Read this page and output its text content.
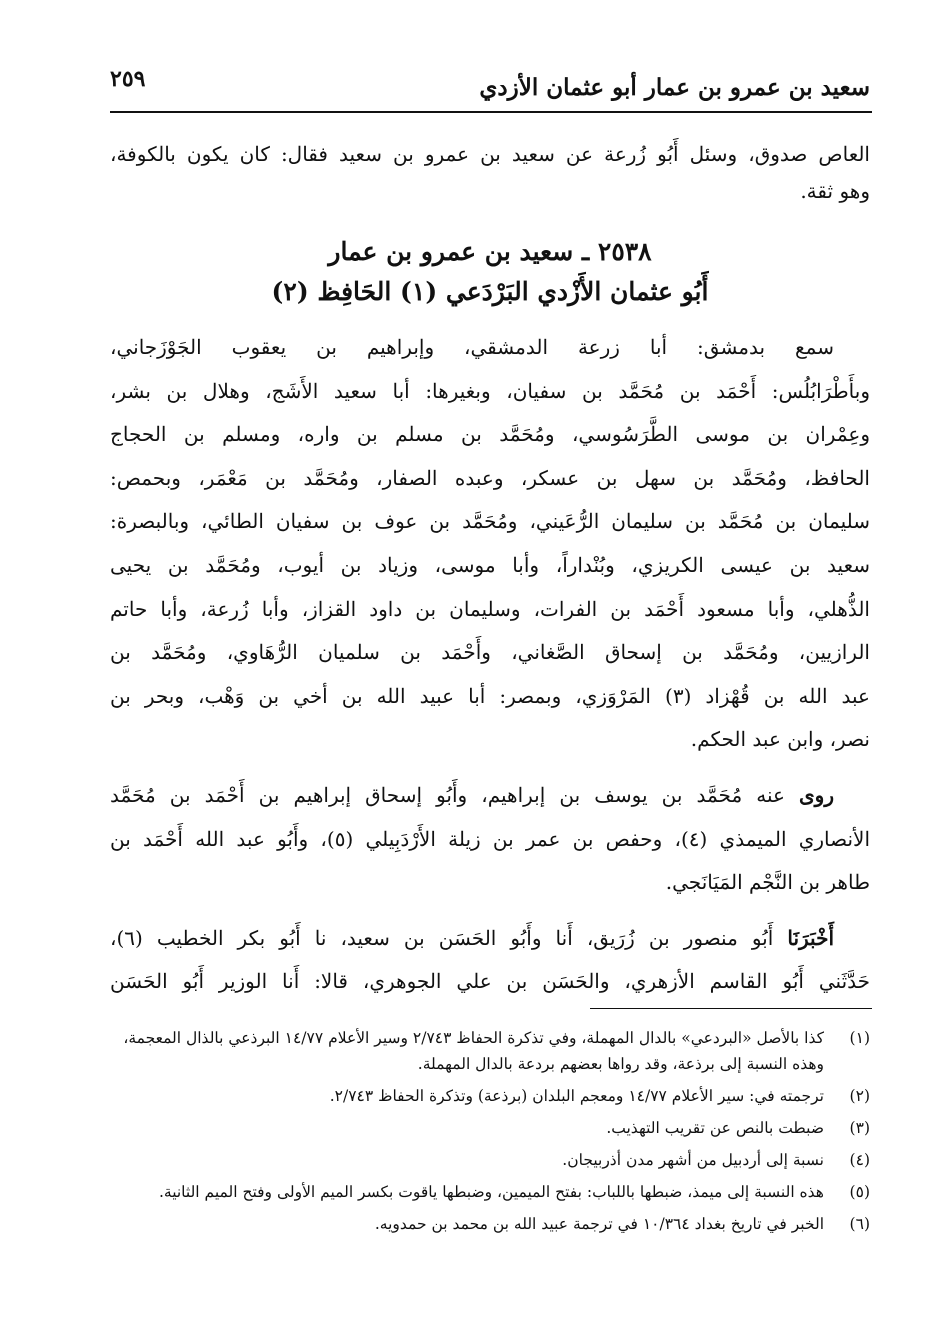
سعيد بن عمرو بن عمار أبو عثمان الأزدي
٢٥٩
العاص صدوق، وسئل أَبُو زُرعة عن سعيد بن عمرو بن سعيد فقال: كان يكون بالكوفة،
وهو ثقة.
٢٥٣٨ ـ سعيد بن عمرو بن عمار
أَبُو عثمان الأَزْدي البَرْدَعي (١) الحَافِظ (٢)
سمع بدمشق: أبا زرعة الدمشقي، وإبراهيم بن يعقوب الجَوْزَجاني،
وبأَطْرَابُلُس: أَحْمَد بن مُحَمَّد بن سفيان، وبغيرها: أبا سعيد الأَشَج، وهلال بن بشر،
وعِمْران بن موسى الطَّرَسُوسي، ومُحَمَّد بن مسلم بن واره، ومسلم بن الحجاج
الحافظ، ومُحَمَّد بن سهل بن عسكر، وعبده الصفار، ومُحَمَّد بن مَعْمَر، وبحمص:
سليمان بن مُحَمَّد بن سليمان الرُّعَيني، ومُحَمَّد بن عوف بن سفيان الطائي، وبالبصرة:
سعيد بن عيسى الكريزي، وبُنْداراً، وأبا موسى، وزياد بن أيوب، ومُحَمَّد بن يحيى
الذُّهلي، وأبا مسعود أَحْمَد بن الفرات، وسليمان بن داود القزاز، وأبا زُرعة، وأبا حاتم
الرازيين، ومُحَمَّد بن إسحاق الصَّغاني، وأَحْمَد بن سلميان الرُّهَاوي، ومُحَمَّد بن
عبد الله بن قُهْزاد (٣) المَرْوَزي، وبمصر: أبا عبيد الله بن أخي بن وَهْب، وبحر بن
نصر، وابن عبد الحكم.
روى عنه مُحَمَّد بن يوسف بن إبراهيم، وأَبُو إسحاق إبراهيم بن أَحْمَد بن مُحَمَّد
الأنصاري الميمذي (٤)، وحفص بن عمر بن زيلة الأَرْدَبِيلي (٥)، وأَبُو عبد الله أَحْمَد بن
طاهر بن النَّجْم المَيَانَجي.
أَخْبَرَنَا أَبُو منصور بن زُرَيق، أَنا وأَبُو الحَسَن بن سعيد، نا أَبُو بكر الخطيب (٦)،
حَدَّثَني أَبُو القاسم الأزهري، والحَسَن بن علي الجوهري، قالا: أَنا الوزير أَبُو الحَسَن
(١)
كذا بالأصل «البردعي» بالدال المهملة، وفي تذكرة الحفاظ ٢/٧٤٣ وسير الأعلام ١٤/٧٧ البرذعي بالذال المعجمة، وهذه النسبة إلى برذعة، وقد رواها بعضهم بردعة بالدال المهملة.
(٢)
ترجمته في: سير الأعلام ١٤/٧٧ ومعجم البلدان (برذعة) وتذكرة الحفاظ ٢/٧٤٣.
(٣)
ضبطت بالنص عن تقريب التهذيب.
(٤)
نسبة إلى أردبيل من أشهر مدن أذربيجان.
(٥)
هذه النسبة إلى ميمذ، ضبطها باللباب: بفتح الميمين، وضبطها ياقوت بكسر الميم الأولى وفتح الميم الثانية.
(٦)
الخبر في تاريخ بغداد ١٠/٣٦٤ في ترجمة عبيد الله بن محمد بن حمدويه.
